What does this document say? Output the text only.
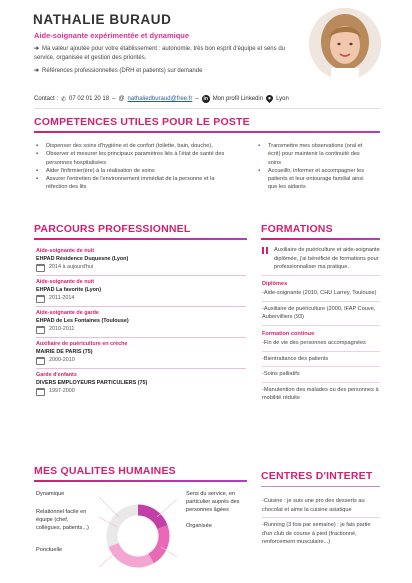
NATHALIE BURAUD
Aide-soignante expérimentée et dynamique
➔ Ma valeur ajoutée pour votre établissement : autonomie, très bon esprit d'équipe et sens du service, organisée et gestion des priorités.
➔ Références professionnelles (DRH et patients) sur demande
Contact : ✆ 07 02 01 20 18 – @ nathaliedburaud@free.fr – in Mon profil Linkedin Lyon
COMPETENCES UTILES POUR LE POSTE
▪ Dispenser des soins d'hygiène et de confort (toilette, bain, douche),
▪ Observer et mesurer les principaux paramètres liés à l'état de santé des personnes hospitalisées
▪ Aider l'infirmier(ère) à la réalisation de soins
▪ Assurer l'entretien de l'environnement immédiat de la personne et la réfection des lits
▪ Transmettre mes observations (oral et écrit) pour maintenir la continuité des soins
▪ Accueillir, informer et accompagner les patients et leur entourage familial ainsi que les aidants
PARCOURS PROFESSIONNEL
Aide-soignante de nuit
EHPAD Résidence Duquesne (Lyon)
2014 à aujourd'hui
Aide-soignante de nuit
EHPAD La favorite (Lyon)
2011-2014
Aide-soignante de garde
EHPAD de Les Fontaines (Toulouse)
2010-2011
Auxiliaire de puériculture en crèche
MAIRIE DE PARIS (75)
2000-2010
Garde d'enfants
DIVERS EMPLOYEURS PARTICULIERS (75)
1997-2000
FORMATIONS
Auxiliaire de puériculture et aide-soignante diplômée, j'ai bénéficié de formations pour professionnaliser ma pratique.
Diplômes
-Aide-soignante (2010, CHU Larrey, Toulouse)
-Auxiliaire de puériculture (2000, IFAP Couve, Aubervilliers (93)
Formation continue
-Fin de vie des personnes accompagnées
-Bientraitance des patients
-Soins palliatifs
-Manutention des malades ou des personnes à mobilité réduite
MES QUALITES HUMAINES
Dynamique
Relationnel facile en équipe (chef, collègues, patients...)
Ponctuelle
Sens du service, en particulier auprès des personnes âgées
Organisée
CENTRES D'INTERET
-Cuisine : je suis une pro des desserts au chocolat et aime la cuisine asiatique
-Running (3 fois par semaine) : je fais partie d'un club de course à pied (fractionné, renforcement musculaire...)
